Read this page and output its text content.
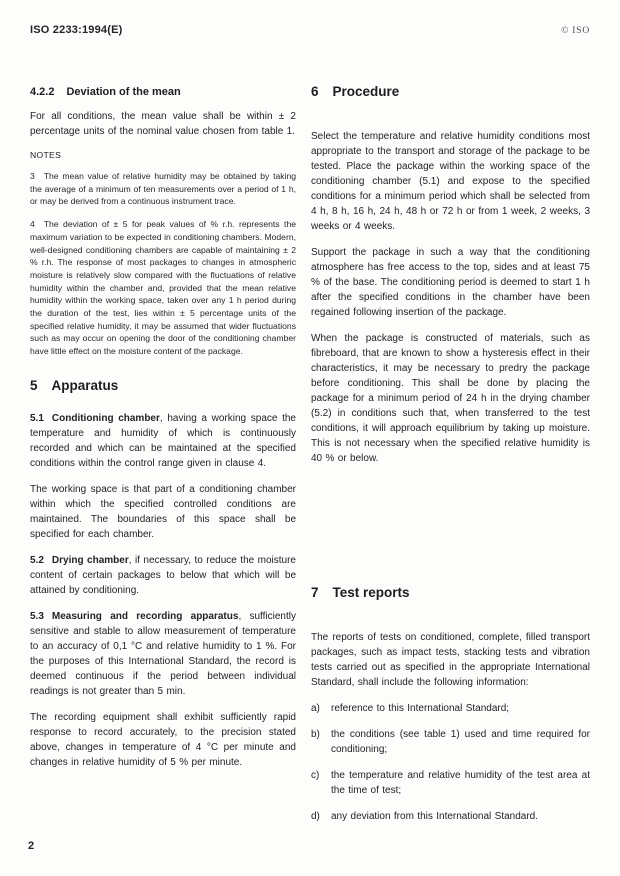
ISO 2233:1994(E)	© ISO
4.2.2 Deviation of the mean

For all conditions, the mean value shall be within ± 2 percentage units of the nominal value chosen from table 1.

NOTES
3 The mean value of relative humidity may be obtained by taking the average of a minimum of ten measurements over a period of 1 h, or may be derived from a continuous instrument trace.
4 The deviation of ± 5 for peak values of % r.h. represents the maximum variation to be expected in conditioning chambers. Modern, well-designed conditioning chambers are capable of maintaining ± 2 % r.h. The response of most packages to changes in atmospheric moisture is relatively slow compared with the fluctuations of relative humidity within the chamber and, provided that the mean relative humidity within the working space, taken over any 1 h period during the duration of the test, lies within ± 5 percentage units of the specified relative humidity, it may be assumed that wider fluctuations such as may occur on opening the door of the conditioning chamber have little effect on the moisture content of the package.
5 Apparatus

5.1 Conditioning chamber, having a working space the temperature and humidity of which is continuously recorded and which can be maintained at the specified conditions within the control range given in clause 4.

The working space is that part of a conditioning chamber within which the specified controlled conditions are maintained. The boundaries of this space shall be specified for each chamber.

5.2 Drying chamber, if necessary, to reduce the moisture content of certain packages to below that which will be attained by conditioning.

5.3 Measuring and recording apparatus, sufficiently sensitive and stable to allow measurement of temperature to an accuracy of 0,1 °C and relative humidity to 1 %. For the purposes of this International Standard, the record is deemed continuous if the period between individual readings is not greater than 5 min.

The recording equipment shall exhibit sufficiently rapid response to record accurately, to the precision stated above, changes in temperature of 4 °C per minute and changes in relative humidity of 5 % per minute.

6 Procedure

Select the temperature and relative humidity conditions most appropriate to the transport and storage of the package to be tested. Place the package within the working space of the conditioning chamber (5.1) and expose to the specified conditions for a minimum period which shall be selected from 4 h, 8 h, 16 h, 24 h, 48 h or 72 h or from 1 week, 2 weeks, 3 weeks or 4 weeks.

Support the package in such a way that the conditioning atmosphere has free access to the top, sides and at least 75 % of the base. The conditioning period is deemed to start 1 h after the specified conditions in the chamber have been regained following insertion of the package.

When the package is constructed of materials, such as fibreboard, that are known to show a hysteresis effect in their characteristics, it may be necessary to predry the package before conditioning. This shall be done by placing the package for a minimum period of 24 h in the drying chamber (5.2) in conditions such that, when transferred to the test conditions, it will approach equilibrium by taking up moisture. This is not necessary when the specified relative humidity is 40 % or below.

7 Test reports

The reports of tests on conditioned, complete, filled transport packages, such as impact tests, stacking tests and vibration tests carried out as specified in the appropriate International Standard, shall include the following information:

a)	reference to this International Standard;
b)	the conditions (see table 1) used and time required for conditioning;
c)	the temperature and relative humidity of the test area at the time of test;
d)	any deviation from this International Standard.
2
